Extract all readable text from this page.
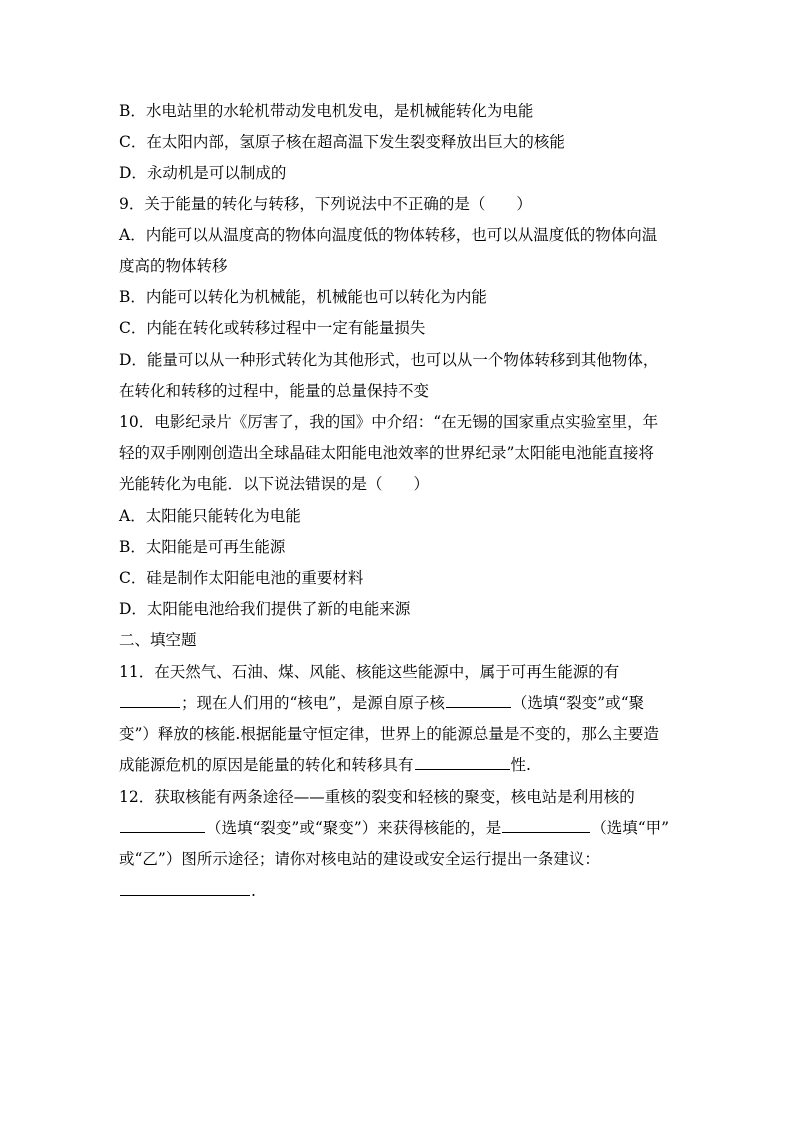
B．水电站里的水轮机带动发电机发电，是机械能转化为电能
C．在太阳内部，氢原子核在超高温下发生裂变释放出巨大的核能
D．永动机是可以制成的
9．关于能量的转化与转移，下列说法中不正确的是（　　）
A．内能可以从温度高的物体向温度低的物体转移，也可以从温度低的物体向温
度高的物体转移
B．内能可以转化为机械能，机械能也可以转化为内能
C．内能在转化或转移过程中一定有能量损失
D．能量可以从一种形式转化为其他形式，也可以从一个物体转移到其他物体，
在转化和转移的过程中，能量的总量保持不变
10．电影纪录片《厉害了，我的国》中介绍：“在无锡的国家重点实验室里，年
轻的双手刚刚创造出全球晶硅太阳能电池效率的世界纪录”太阳能电池能直接将
光能转化为电能．以下说法错误的是（　　）
A．太阳能只能转化为电能
B．太阳能是可再生能源
C．硅是制作太阳能电池的重要材料
D．太阳能电池给我们提供了新的电能来源
二、填空题
11．在天然气、石油、煤、风能、核能这些能源中，属于可再生能源的有
；现在人们用的“核电”，是源自原子核	（选填“裂变”或“聚
变”）释放的核能.根据能量守恒定律，世界上的能源总量是不变的，那么主要造
成能源危机的原因是能量的转化和转移具有	性.
12．获取核能有两条途径——重核的裂变和轻核的聚变，核电站是利用核的
（选填“裂变”或“聚变”）来获得核能的，是	（选填“甲”
或“乙”）图所示途径；请你对核电站的建设或安全运行提出一条建议：
.
